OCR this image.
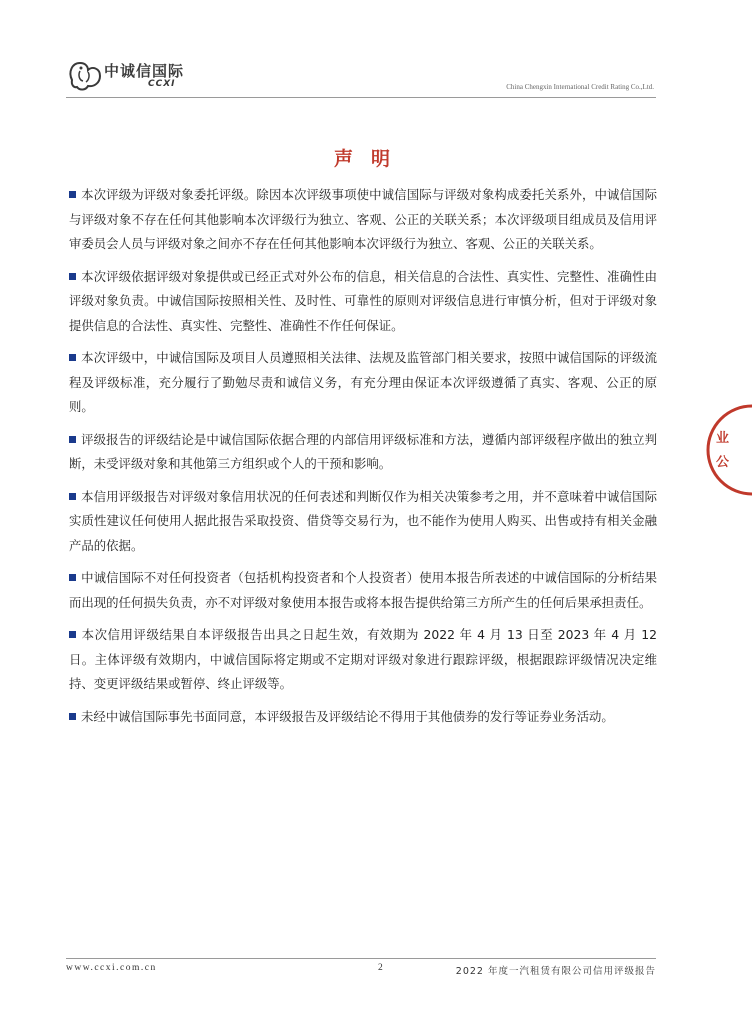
中诚信国际
CCXI	China Chengxin International Credit Rating Co.,Ltd.
声明

本次评级为评级对象委托评级。除因本次评级事项使中诚信国际与评级对象构成委托关系外，中诚信国际与评级对象不存在任何其他影响本次评级行为独立、客观、公正的关联关系；本次评级项目组成员及信用评审委员会人员与评级对象之间亦不存在任何其他影响本次评级行为独立、客观、公正的关联关系。

本次评级依据评级对象提供或已经正式对外公布的信息，相关信息的合法性、真实性、完整性、准确性由评级对象负责。中诚信国际按照相关性、及时性、可靠性的原则对评级信息进行审慎分析，但对于评级对象提供信息的合法性、真实性、完整性、准确性不作任何保证。

本次评级中，中诚信国际及项目人员遵照相关法律、法规及监管部门相关要求，按照中诚信国际的评级流程及评级标准，充分履行了勤勉尽责和诚信义务，有充分理由保证本次评级遵循了真实、客观、公正的原则。

评级报告的评级结论是中诚信国际依据合理的内部信用评级标准和方法，遵循内部评级程序做出的独立判断，未受评级对象和其他第三方组织或个人的干预和影响。

本信用评级报告对评级对象信用状况的任何表述和判断仅作为相关决策参考之用，并不意味着中诚信国际实质性建议任何使用人据此报告采取投资、借贷等交易行为，也不能作为使用人购买、出售或持有相关金融产品的依据。

中诚信国际不对任何投资者（包括机构投资者和个人投资者）使用本报告所表述的中诚信国际的分析结果而出现的任何损失负责，亦不对评级对象使用本报告或将本报告提供给第三方所产生的任何后果承担责任。

本次信用评级结果自本评级报告出具之日起生效，有效期为 2022 年 4 月 13 日至 2023 年 4 月 12 日。主体评级有效期内，中诚信国际将定期或不定期对评级对象进行跟踪评级，根据跟踪评级情况决定维持、变更评级结果或暂停、终止评级等。

未经中诚信国际事先书面同意，本评级报告及评级结论不得用于其他债券的发行等证券业务活动。

业
公
www.ccxi.com.cn	2	2022 年度一汽租赁有限公司信用评级报告
